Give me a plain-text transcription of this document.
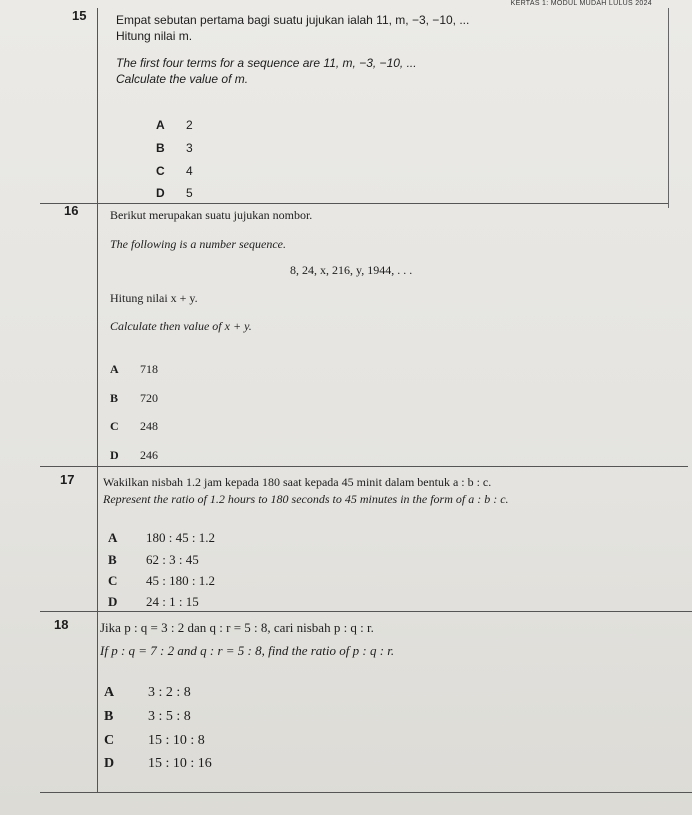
KERTAS 1: MODUL MUDAH LULUS 2024
15 Empat sebutan pertama bagi suatu jujukan ialah 11, m, −3, −10, ...
Hitung nilai m.
The first four terms for a sequence are 11, m, −3, −10, ...
Calculate the value of m.
A 2
B 3
C 4
D 5
16	Berikut merupakan suatu jujukan nombor.
The following is a number sequence.
8, 24, x, 216, y, 1944, . . .
Hitung nilai x + y.
Calculate then value of x + y.
A 718
B 720
C 248
D 246
17 Wakilkan nisbah 1.2 jam kepada 180 saat kepada 45 minit dalam bentuk a : b : c.
Represent the ratio of 1.2 hours to 180 seconds to 45 minutes in the form of a : b : c.
A 180 : 45 : 1.2
B 62 : 3 : 45
C 45 : 180 : 1.2
D 24 : 1 : 15
18 Jika p : q = 3 : 2 dan q : r = 5 : 8, cari nisbah p : q : r.
If p : q = 7 : 2 and q : r = 5 : 8, find the ratio of p : q : r.
A 3 : 2 : 8
B 3 : 5 : 8
C 15 : 10 : 8
D 15 : 10 : 16
